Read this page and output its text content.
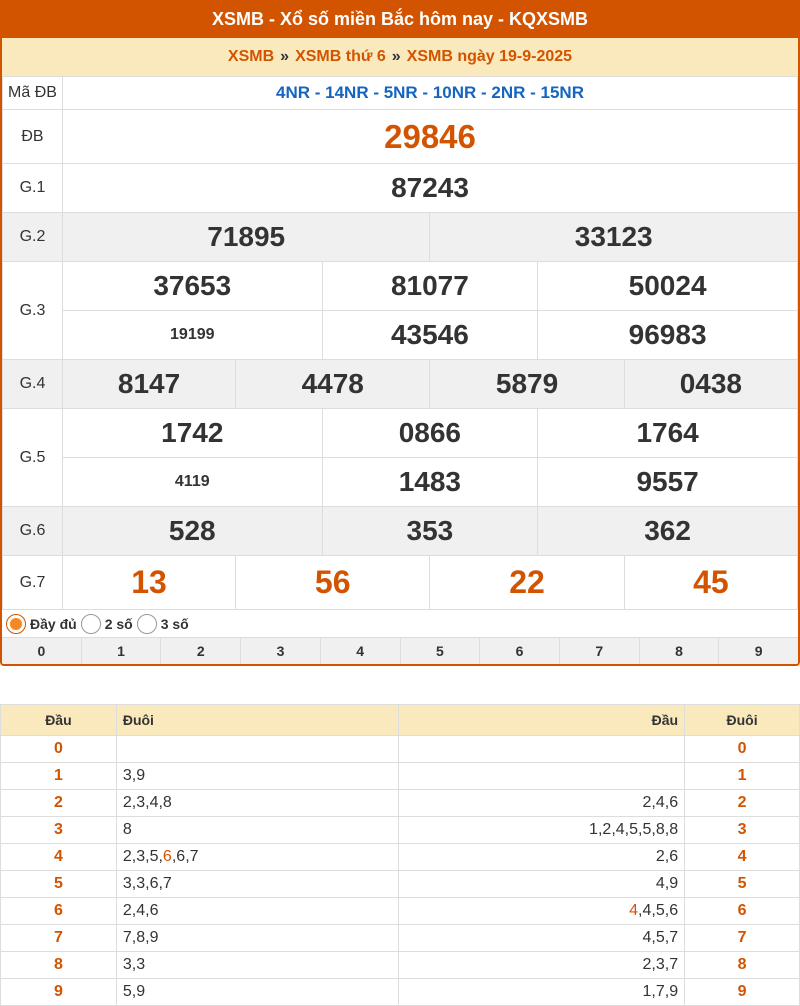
XSMB - Xổ số miền Bắc hôm nay - KQXSMB
XSMB » XSMB thứ 6 » XSMB ngày 19-9-2025
Mã ĐB	4NR - 14NR - 5NR - 10NR - 2NR - 15NR					
ĐB	29846					
G.1	87243					
G.2	71895			33123		
G.3	37653		81077		50024	
	19199		43546		96983	
G.4	8147	4478		5879		0438
G.5	1742		0866		1764	
	4119		1483		9557	
G.6	528		353		362	
G.7	13	56		22		45
Đầy đủ 2 số 3 số
0	1	2	3	4	5	6	7	8	9
Đầu	Đuôi	Đầu	Đuôi
0			0
1	3,9		1
2	2,3,4,8	2,4,6	2
3	8	1,2,4,5,5,8,8	3
4	2,3,5,6,6,7	2,6	4
5	3,3,6,7	4,9	5
6	2,4,6	4,4,5,6	6
7	7,8,9	4,5,7	7
8	3,3	2,3,7	8
9	5,9	1,7,9	9
